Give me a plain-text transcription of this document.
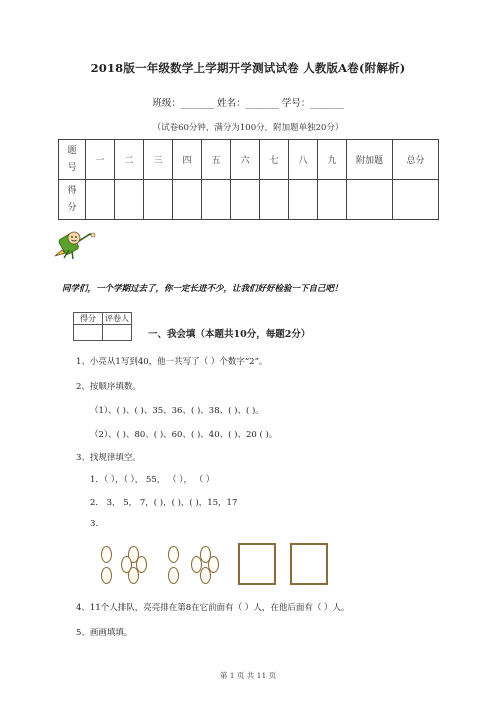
2018版一年级数学上学期开学测试试卷 人教版A卷(附解析)
班级：_______ 姓名：_______ 学号：_______
（试卷60分钟，满分为100分，附加题单独20分）
题
号	一	二	三	四	五	六	七	八	九	附加题	总分

得
分											

同学们，一个学期过去了，你一定长进不少，让我们好好检验一下自己吧！
得分	评卷人

一、我会填（本题共10分，每题2分）
1、小亮从1写到40，他一共写了（ ）个数字“2”。
2、按顺序填数。
（1）、( )、( )、35、36、( )、38、( )、( )。
（2）、( )、80、( )、60、( )、40、( )、20 ( )。
3、找规律填空。
1．（ ），（ ）， 55， （ ）， （ ）
2． 3， 5， 7，( )，( )，( )，15，17
3.
4、11个人排队，亮亮排在第8在它前面有（ ）人，在他后面有（ ）人。
5、画画填填。
第 1 页 共 11 页
